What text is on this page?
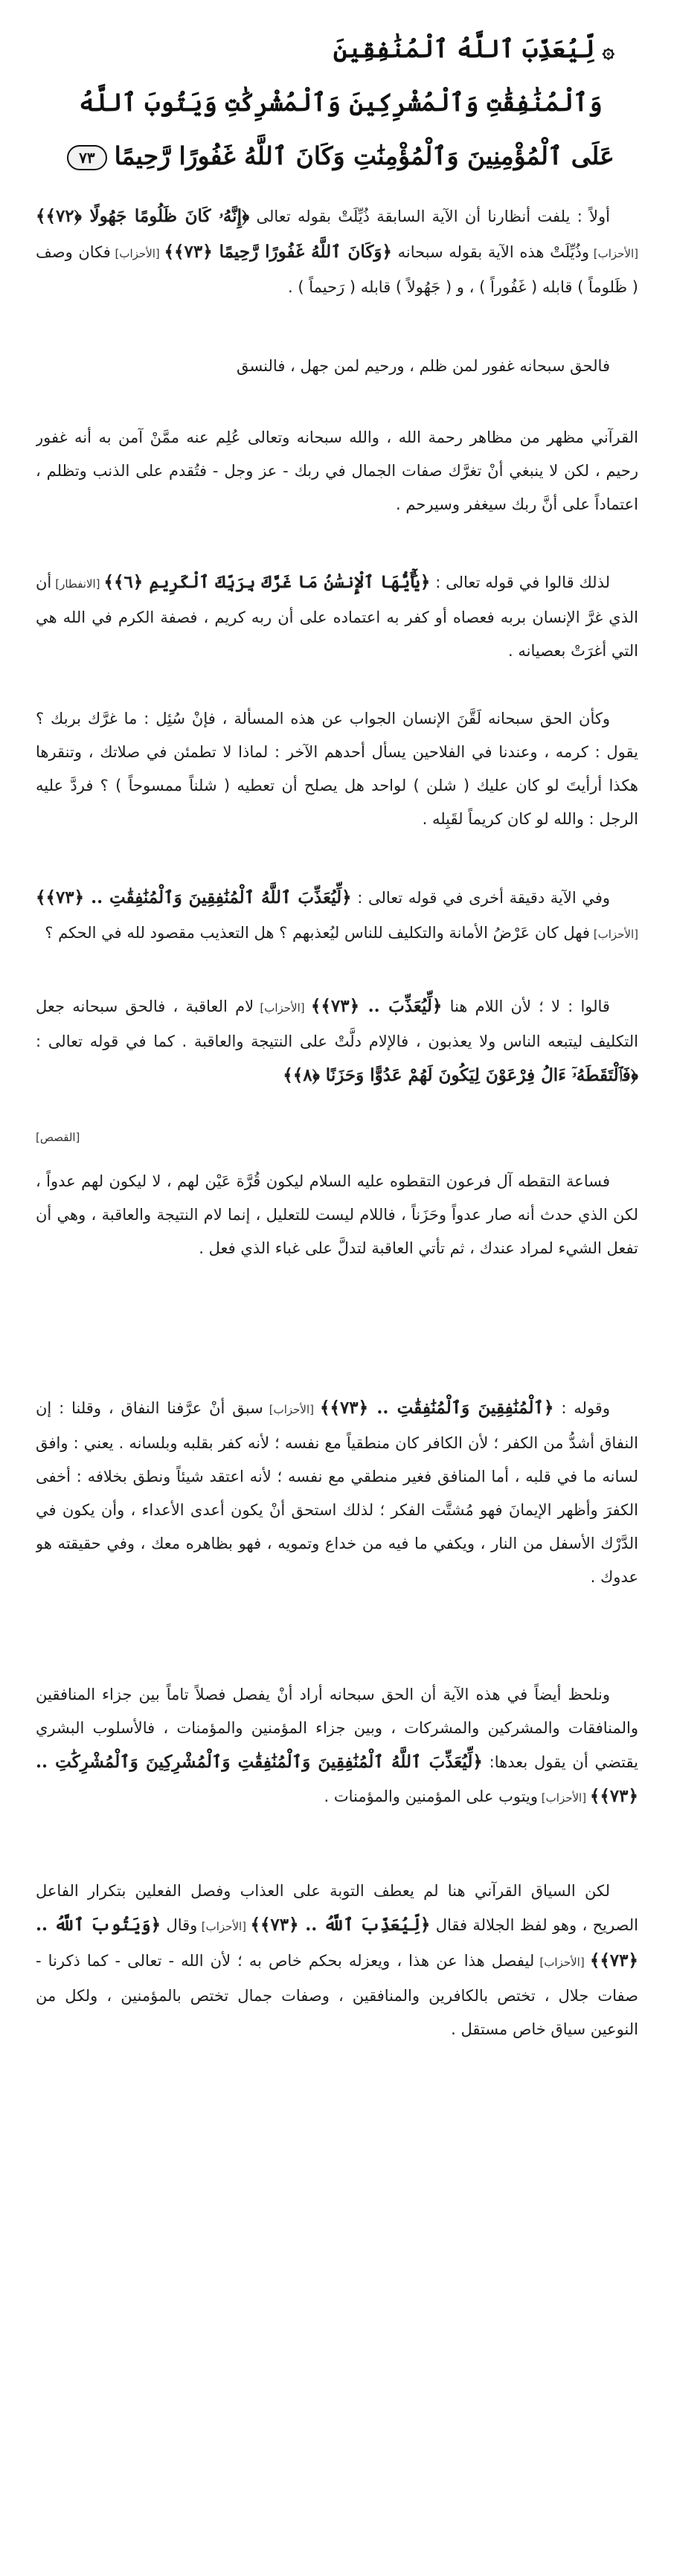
۞لِّيُعَذِّبَ ٱللَّهُ ٱلْمُنَٰفِقِينَ
وَٱلْمُنَٰفِقَٰتِ وَٱلْمُشْرِكِينَ وَٱلْمُشْرِكَٰتِ وَيَتُوبَ ٱللَّهُ
عَلَى ٱلْمُؤْمِنِينَ وَٱلْمُؤْمِنَٰتِ وَكَانَ ٱللَّهُ غَفُورًا رَّحِيمًا٧٣

أولاً : يلفت أنظارنا أن الآية السابقة ذُيِّلَتْ بقوله تعالى ﴿إِنَّهُۥ كَانَ ظَلُومًا جَهُولًا ﴿٧٢﴾﴾ [الأحزاب] وذُيِّلَتْ هذه الآية بقوله سبحانه ﴿وَكَانَ ٱللَّهُ غَفُورًا رَّحِيمًا ﴿٧٣﴾﴾ [الأحزاب] فكان وصف ( ظَلوماً ) قابله ( غَفُوراً ) ، و ( جَهُولاً ) قابله ( رَحيماً ) .

فالحق سبحانه غفور لمن ظلم ، ورحيم لمن جهل ، فالنسق

القرآني مظهر من مظاهر رحمة الله ، والله سبحانه وتعالى عُلِم عنه ممَّنْ آمن به أنه غفور رحيم ، لكن لا ينبغي أنْ تغرَّك صفات الجمال في ربك - عز وجل - فتُقدم على الذنب وتظلم ، اعتماداً على أنَّ ربك سيغفر وسيرحم .

لذلك قالوا في قوله تعالى : ﴿يَٰٓأَيُّهَا ٱلْإِنسَٰنُ مَا غَرَّكَ بِرَبِّكَ ٱلْكَرِيمِ ﴿٦﴾﴾ [الانفطار] أن الذي غرَّ الإنسان بربه فعصاه أو كفر به اعتماده على أن ربه كريم ، فصفة الكرم في الله هي التي أغرَتْ بعصيانه .

وكأن الحق سبحانه لَقَّنَ الإنسان الجواب عن هذه المسألة ، فإنْ سُئِل : ما غرَّك بربك ؟ يقول : كرمه ، وعندنا في الفلاحين يسأل أحدهم الآخر : لماذا لا تطمئن في صلاتك ، وتنقرها هكذا أرأيتَ لو كان عليك ( شلن ) لواحد هل يصلح أن تعطيه ( شلناً ممسوحاً ) ؟ فردَّ عليه الرجل : والله لو كان كريماً لقَبِله .

وفي الآية دقيقة أخرى في قوله تعالى : ﴿لِّيُعَذِّبَ ٱللَّهُ ٱلْمُنَٰفِقِينَ وَٱلْمُنَٰفِقَٰتِ .. ﴿٧٣﴾﴾ [الأحزاب] فهل كان عَرْضُ الأمانة والتكليف للناس ليُعذبهم ؟ هل التعذيب مقصود لله في الحكم ؟

قالوا : لا ؛ لأن اللام هنا ﴿لِّيُعَذِّبَ .. ﴿٧٣﴾﴾ [الأحزاب] لام العاقبة ، فالحق سبحانه جعل التكليف ليتبعه الناس ولا يعذبون ، فالإلام دلَّتْ على النتيجة والعاقبة . كما في قوله تعالى : ﴿فَٱلْتَقَطَهُۥٓ ءَالُ فِرْعَوْنَ لِيَكُونَ لَهُمْ عَدُوًّا وَحَزَنًا ﴿٨﴾﴾

[القصص]

فساعة التقطه آل فرعون التقطوه عليه السلام ليكون قُرَّة عَيْن لهم ، لا ليكون لهم عدواً ، لكن الذي حدث أنه صار عدواً وحَزَناً ، فاللام ليست للتعليل ، إنما لام النتيجة والعاقبة ، وهي أن تفعل الشيء لمراد عندك ، ثم تأتي العاقبة لتدلَّ على غباء الذي فعل .

وقوله : ﴿ٱلْمُنَٰفِقِينَ وَٱلْمُنَٰفِقَٰتِ .. ﴿٧٣﴾﴾ [الأحزاب] سبق أنْ عرَّفنا النفاق ، وقلنا : إن النفاق أشدُّ من الكفر ؛ لأن الكافر كان منطقياً مع نفسه ؛ لأنه كفر بقلبه وبلسانه . يعني : وافق لسانه ما في قلبه ، أما المنافق فغير منطقي مع نفسه ؛ لأنه اعتقد شيئاً ونطق بخلافه : أخفى الكفرَ وأظهر الإيمانَ فهو مُشتَّت الفكر ؛ لذلك استحق أنْ يكون أعدى الأعداء ، وأن يكون في الدَّرْك الأسفل من النار ، ويكفي ما فيه من خداع وتمويه ، فهو بظاهره معك ، وفي حقيقته هو عدوك .

ونلحظ أيضاً في هذه الآية أن الحق سبحانه أراد أنْ يفصل فصلاً تاماً بين جزاء المنافقين والمنافقات والمشركين والمشركات ، وبين جزاء المؤمنين والمؤمنات ، فالأسلوب البشري يقتضي أن يقول بعدها: ﴿لِّيُعَذِّبَ ٱللَّهُ ٱلْمُنَٰفِقِينَ وَٱلْمُنَٰفِقَٰتِ وَٱلْمُشْرِكِينَ وَٱلْمُشْرِكَٰتِ .. ﴿٧٣﴾﴾ [الأحزاب] ويتوب على المؤمنين والمؤمنات .

لكن السياق القرآني هنا لم يعطف التوبة على العذاب وفصل الفعلين بتكرار الفاعل الصريح ، وهو لفظ الجلالة فقال ﴿لِّيُعَذِّبَ ٱللَّهُ .. ﴿٧٣﴾﴾ [الأحزاب] وقال ﴿وَيَتُوبَ ٱللَّهُ .. ﴿٧٣﴾﴾ [الأحزاب] ليفصل هذا عن هذا ، ويعزله بحكم خاص به ؛ لأن الله - تعالى - كما ذكرنا - صفات جلال ، تختص بالكافرين والمنافقين ، وصفات جمال تختص بالمؤمنين ، ولكل من النوعين سياق خاص مستقل .
